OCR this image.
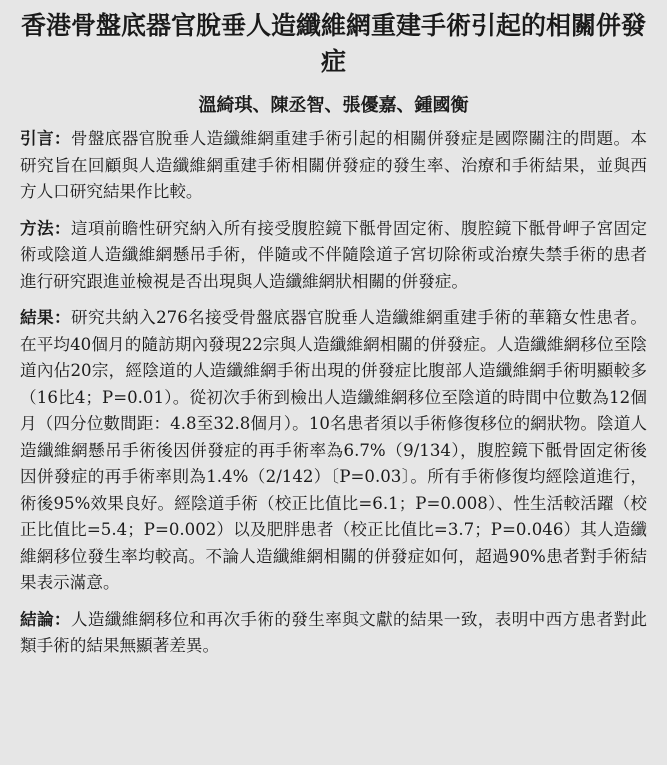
香港骨盤底器官脫垂人造纖維網重建手術引起的相關併發症
溫綺琪、陳丞智、張優嘉、鍾國衡

引言：骨盤底器官脫垂人造纖維網重建手術引起的相關併發症是國際關注的問題。本研究旨在回顧與人造纖維網重建手術相關併發症的發生率、治療和手術結果，並與西方人口研究結果作比較。

方法：這項前瞻性研究納入所有接受腹腔鏡下骶骨固定術、腹腔鏡下骶骨岬子宮固定術或陰道人造纖維網懸吊手術，伴隨或不伴隨陰道子宮切除術或治療失禁手術的患者進行研究跟進並檢視是否出現與人造纖維網狀相關的併發症。

結果：研究共納入276名接受骨盤底器官脫垂人造纖維網重建手術的華籍女性患者。在平均40個月的隨訪期內發現22宗與人造纖維網相關的併發症。人造纖維網移位至陰道內佔20宗，經陰道的人造纖維網手術出現的併發症比腹部人造纖維網手術明顯較多（16比4；P=0.01）。從初次手術到檢出人造纖維網移位至陰道的時間中位數為12個月（四分位數間距：4.8至32.8個月）。10名患者須以手術修復移位的網狀物。陰道人造纖維網懸吊手術後因併發症的再手術率為6.7%（9/134），腹腔鏡下骶骨固定術後因併發症的再手術率則為1.4%（2/142）〔P=0.03〕。所有手術修復均經陰道進行，術後95%效果良好。經陰道手術（校正比值比=6.1；P=0.008）、性生活較活躍（校正比值比=5.4；P=0.002）以及肥胖患者（校正比值比=3.7；P=0.046）其人造纖維網移位發生率均較高。不論人造纖維網相關的併發症如何，超過90%患者對手術結果表示滿意。

結論：人造纖維網移位和再次手術的發生率與文獻的結果一致，表明中西方患者對此類手術的結果無顯著差異。
